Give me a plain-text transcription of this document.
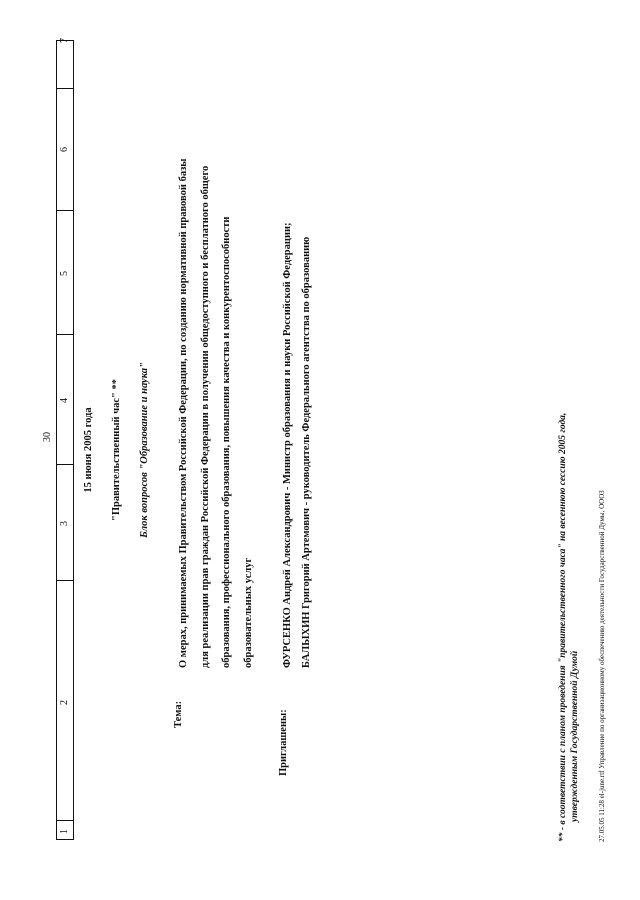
30
1
2
3
4
5
6
7
15 июня 2005 года "Правительственный час" ** Блок вопросов "Образование и наука"
Тема:
О мерах, принимаемых Правительством Российской Федерации, по созданию нормативной правовой базы	для реализации прав граждан Российской Федерации в получении общедоступного и бесплатного общего	образования, профессионального образования, повышения качества и конкурентоспособности	образовательных услуг
Приглашены:
ФУРСЕНКО Андрей Александрович - Министр образования и науки Российской Федерации; БАЛЫХИН Григорий Артемович - руководитель Федерального агентства по образованию	** - в соответствии с планом проведения "правительственного часа" на весеннюю сессию 2005 года, утвержденным Государственной Думой	27.05.05 11:28 el-june.rtf Управление по организационному обеспечению деятельности Государственной Думы, ОООЗ
